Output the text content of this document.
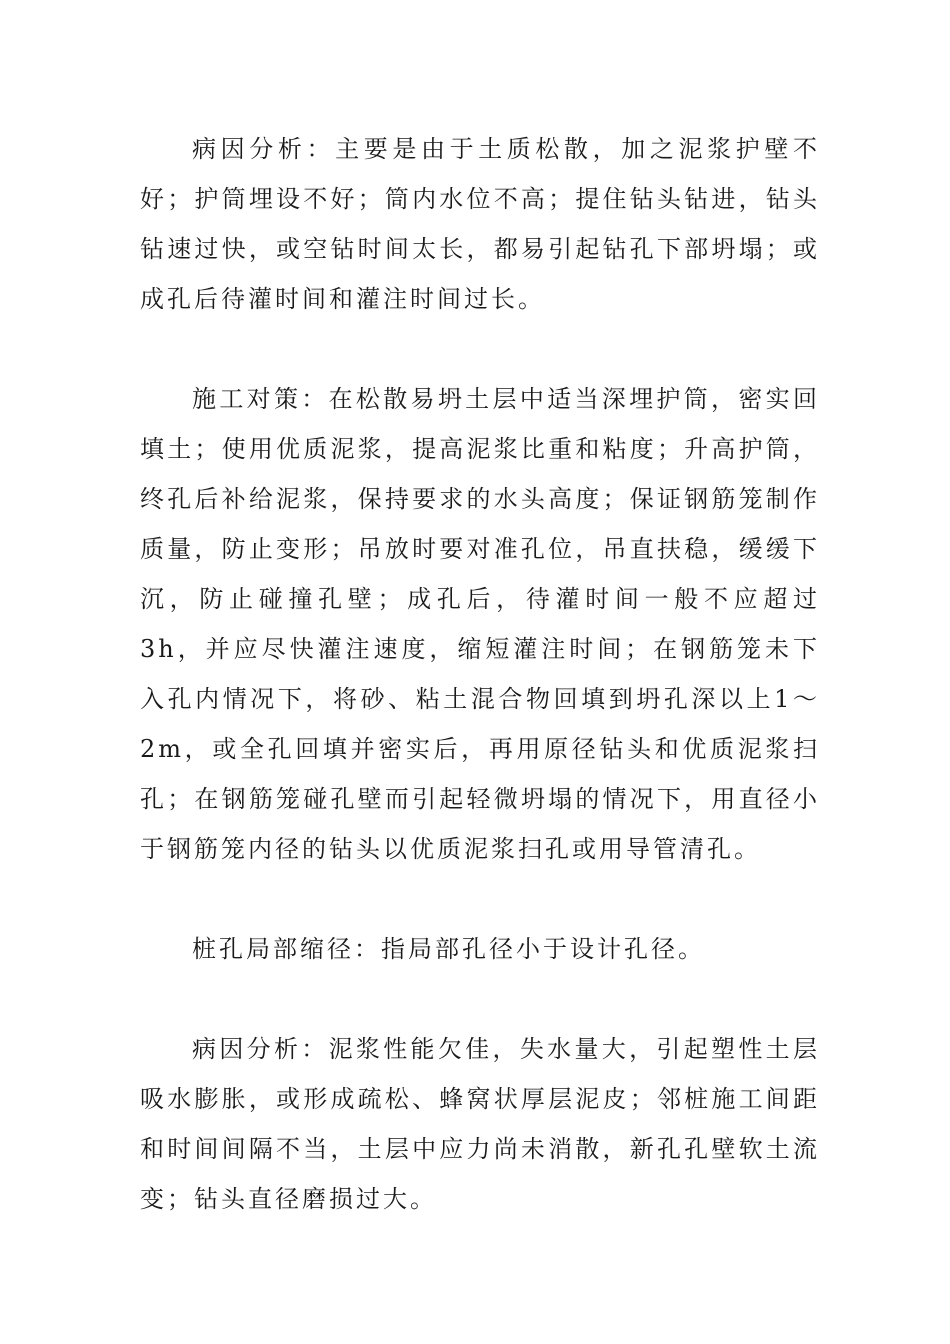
病因分析：主要是由于土质松散，加之泥浆护壁不好；护筒埋设不好；筒内水位不高；提住钻头钻进，钻头钻速过快，或空钻时间太长，都易引起钻孔下部坍塌；或成孔后待灌时间和灌注时间过长。

施工对策：在松散易坍土层中适当深埋护筒，密实回填土；使用优质泥浆，提高泥浆比重和粘度；升高护筒，终孔后补给泥浆，保持要求的水头高度；保证钢筋笼制作质量，防止变形；吊放时要对准孔位，吊直扶稳，缓缓下沉，防止碰撞孔壁；成孔后，待灌时间一般不应超过3h，并应尽快灌注速度，缩短灌注时间；在钢筋笼未下入孔内情况下，将砂、粘土混合物回填到坍孔深以上1～2m，或全孔回填并密实后，再用原径钻头和优质泥浆扫孔；在钢筋笼碰孔壁而引起轻微坍塌的情况下，用直径小于钢筋笼内径的钻头以优质泥浆扫孔或用导管清孔。

桩孔局部缩径：指局部孔径小于设计孔径。

病因分析：泥浆性能欠佳，失水量大，引起塑性土层吸水膨胀，或形成疏松、蜂窝状厚层泥皮；邻桩施工间距和时间间隔不当，土层中应力尚未消散，新孔孔壁软土流变；钻头直径磨损过大。
